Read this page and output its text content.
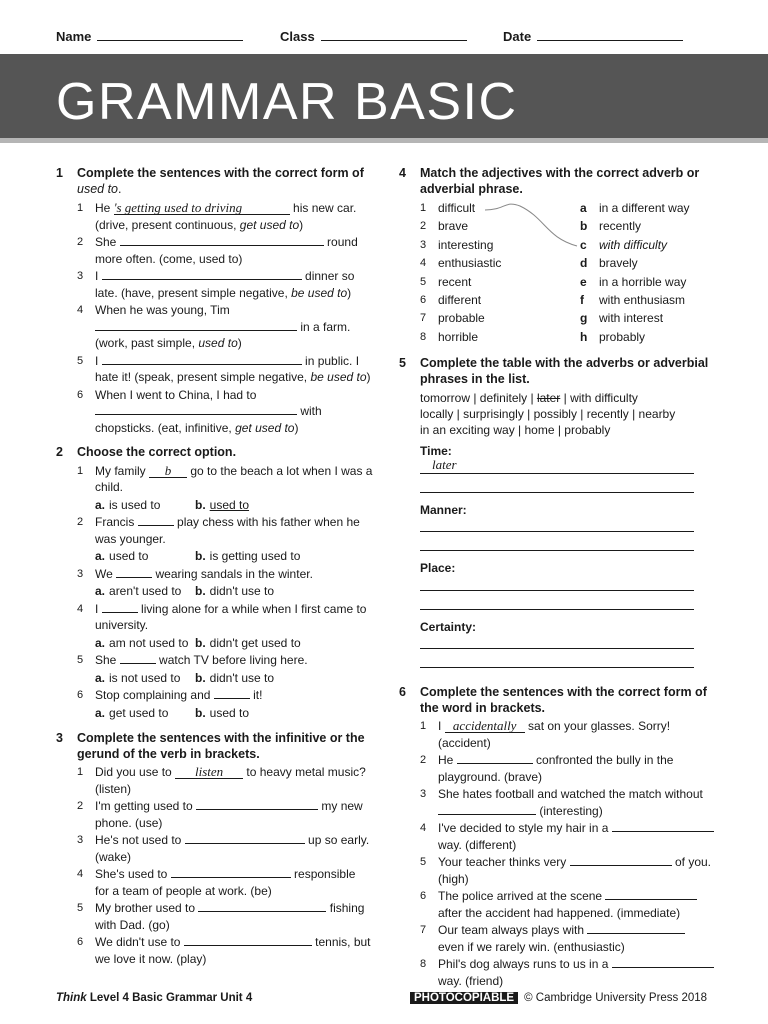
Name	Class	Date
GRAMMAR BASIC
1 Complete the sentences with the correct form of
used to.
1 He 's getting used to driving	his new car.
(drive, present continuous, get used to)
2 She	round
more often. (come, used to)
3 I	dinner so
late. (have, present simple negative, be used to)
4 When he was young, Tim
in a farm.
(work, past simple, used to)
5 I	in public. I
hate it! (speak, present simple negative, be used to)
6 When I went to China, I had to
with
chopsticks. (eat, infinitive, get used to)
2 Choose the correct option.
1 My family b go to the beach a lot when I was a
child.
a. is used to	b. used to
2 Francis	play chess with his father when he
was younger.
a. used to	b. is getting used to
3 We	wearing sandals in the winter.
a. aren't used to b. didn't use to
4 I	living alone for a while when I first came to
university.
a. am not used to b. didn't get used to
5 She	watch TV before living here.
a. is not used to b. didn't use to
6 Stop complaining and	it!
a. get used to b. used to
3 Complete the sentences with the infinitive or the gerund of the verb in brackets.
1 Did you use to listen to heavy metal music?
(listen)
2 I'm getting used to	my new
phone. (use)
3 He's not used to	up so early.
(wake)
4 She's used to	responsible
for a team of people at work. (be)
5 My brother used to	fishing
with Dad. (go)
6 We didn't use to	tennis, but
we love it now. (play)
4 Match the adjectives with the correct adverb or adverbial phrase.
1 difficult	a in a different way
2 brave	b recently
3 interesting	c with difficulty
4 enthusiastic	d bravely
5 recent	e in a horrible way
6 different	f with enthusiasm
7 probable	g with interest
8 horrible	h probably
5 Complete the table with the adverbs or adverbial phrases in the list.
tomorrow | definitely | later | with difficulty
locally | surprisingly | possibly | recently | nearby
in an exciting way | home | probably
Time:
later
Manner:
Place:
Certainty:
6 Complete the sentences with the correct form of the word in brackets.
1 I accidentally sat on your glasses. Sorry!
(accident)
2 He	confronted the bully in the
playground. (brave)
3 She hates football and watched the match without
(interesting)
4 I've decided to style my hair in a
way. (different)
5 Your teacher thinks very	of you.
(high)
6 The police arrived at the scene
after the accident had happened. (immediate)
7 Our team always plays with
even if we rarely win. (enthusiastic)
8 Phil's dog always runs to us in a
way. (friend)
Think Level 4 Basic Grammar Unit 4	PHOTOCOPIABLE © Cambridge University Press 2018
